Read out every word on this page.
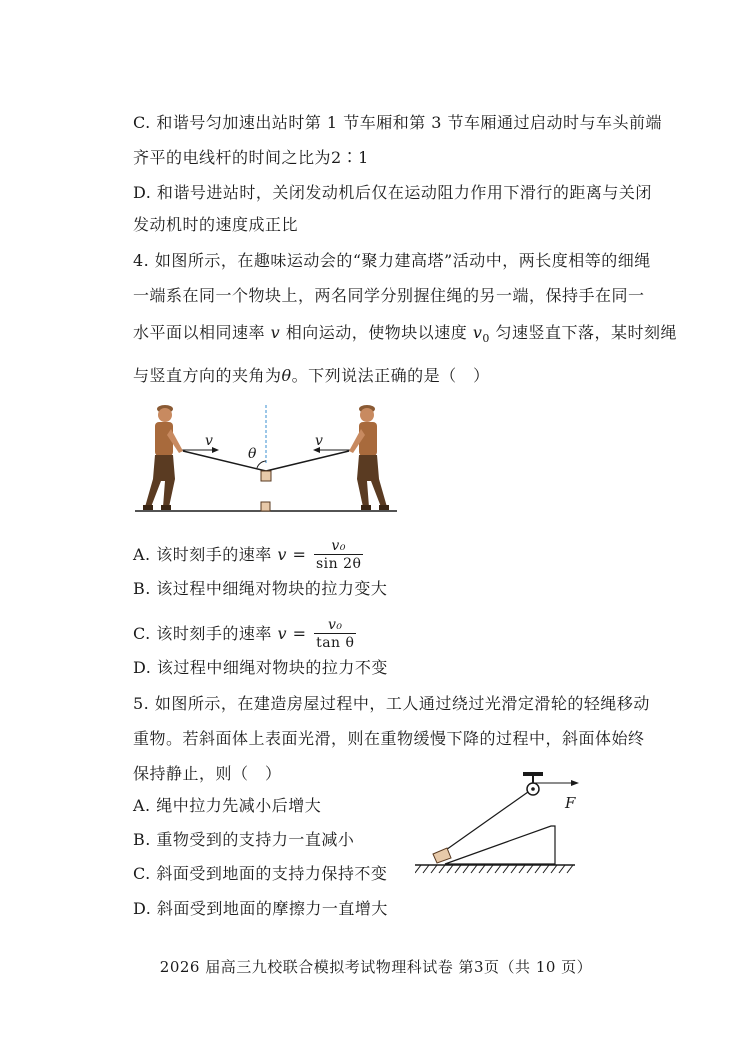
C. 和谐号匀加速出站时第 1 节车厢和第 3 节车厢通过启动时与车头前端
齐平的电线杆的时间之比为2∶1
D. 和谐号进站时，关闭发动机后仅在运动阻力作用下滑行的距离与关闭
发动机时的速度成正比
4. 如图所示，在趣味运动会的“聚力建高塔”活动中，两长度相等的细绳
一端系在同一个物块上，两名同学分别握住绳的另一端，保持手在同一
水平面以相同速率 v 相向运动，使物块以速度 $v_0$ 匀速竖直下落，某时刻绳
与竖直方向的夹角为θ。下列说法正确的是（　）
θ
v	v
A. 该时刻手的速率 $v = \frac{\text{v₀}}{\sin 2\theta}$
B. 该过程中细绳对物块的拉力变大
C. 该时刻手的速率 $v = \frac{\text{v₀}}{\text{tan θ}}$
D. 该过程中细绳对物块的拉力不变
5. 如图所示，在建造房屋过程中，工人通过绕过光滑定滑轮的轻绳移动
重物。若斜面体上表面光滑，则在重物缓慢下降的过程中，斜面体始终
保持静止，则（　）
A. 绳中拉力先减小后增大
B. 重物受到的支持力一直减小
C. 斜面受到地面的支持力保持不变
D. 斜面受到地面的摩擦力一直增大
F
2026 届高三九校联合模拟考试物理科试卷 第3页（共 10 页）
